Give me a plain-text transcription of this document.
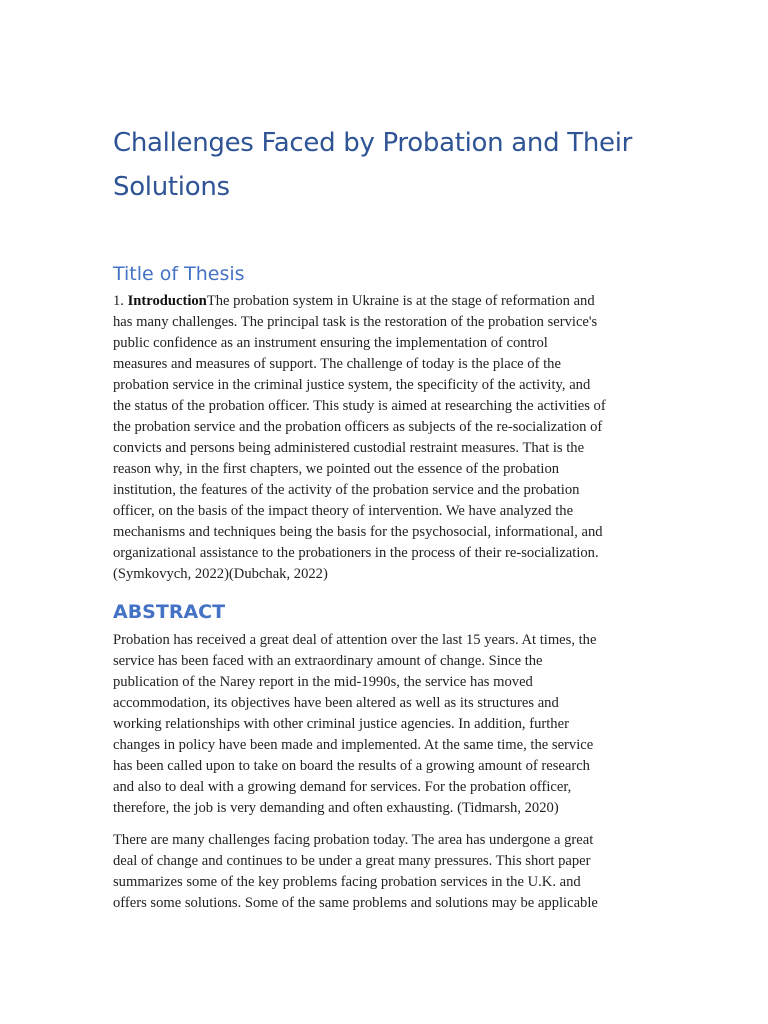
Challenges Faced by Probation and Their
Solutions
Title of Thesis
1. IntroductionThe probation system in Ukraine is at the stage of reformation and
has many challenges. The principal task is the restoration of the probation service's
public confidence as an instrument ensuring the implementation of control
measures and measures of support. The challenge of today is the place of the
probation service in the criminal justice system, the specificity of the activity, and
the status of the probation officer. This study is aimed at researching the activities of
the probation service and the probation officers as subjects of the re-socialization of
convicts and persons being administered custodial restraint measures. That is the
reason why, in the first chapters, we pointed out the essence of the probation
institution, the features of the activity of the probation service and the probation
officer, on the basis of the impact theory of intervention. We have analyzed the
mechanisms and techniques being the basis for the psychosocial, informational, and
organizational assistance to the probationers in the process of their re-socialization.
(Symkovych, 2022)(Dubchak, 2022)
ABSTRACT
Probation has received a great deal of attention over the last 15 years. At times, the
service has been faced with an extraordinary amount of change. Since the
publication of the Narey report in the mid-1990s, the service has moved
accommodation, its objectives have been altered as well as its structures and
working relationships with other criminal justice agencies. In addition, further
changes in policy have been made and implemented. At the same time, the service
has been called upon to take on board the results of a growing amount of research
and also to deal with a growing demand for services. For the probation officer,
therefore, the job is very demanding and often exhausting. (Tidmarsh, 2020)
There are many challenges facing probation today. The area has undergone a great
deal of change and continues to be under a great many pressures. This short paper
summarizes some of the key problems facing probation services in the U.K. and
offers some solutions. Some of the same problems and solutions may be applicable
